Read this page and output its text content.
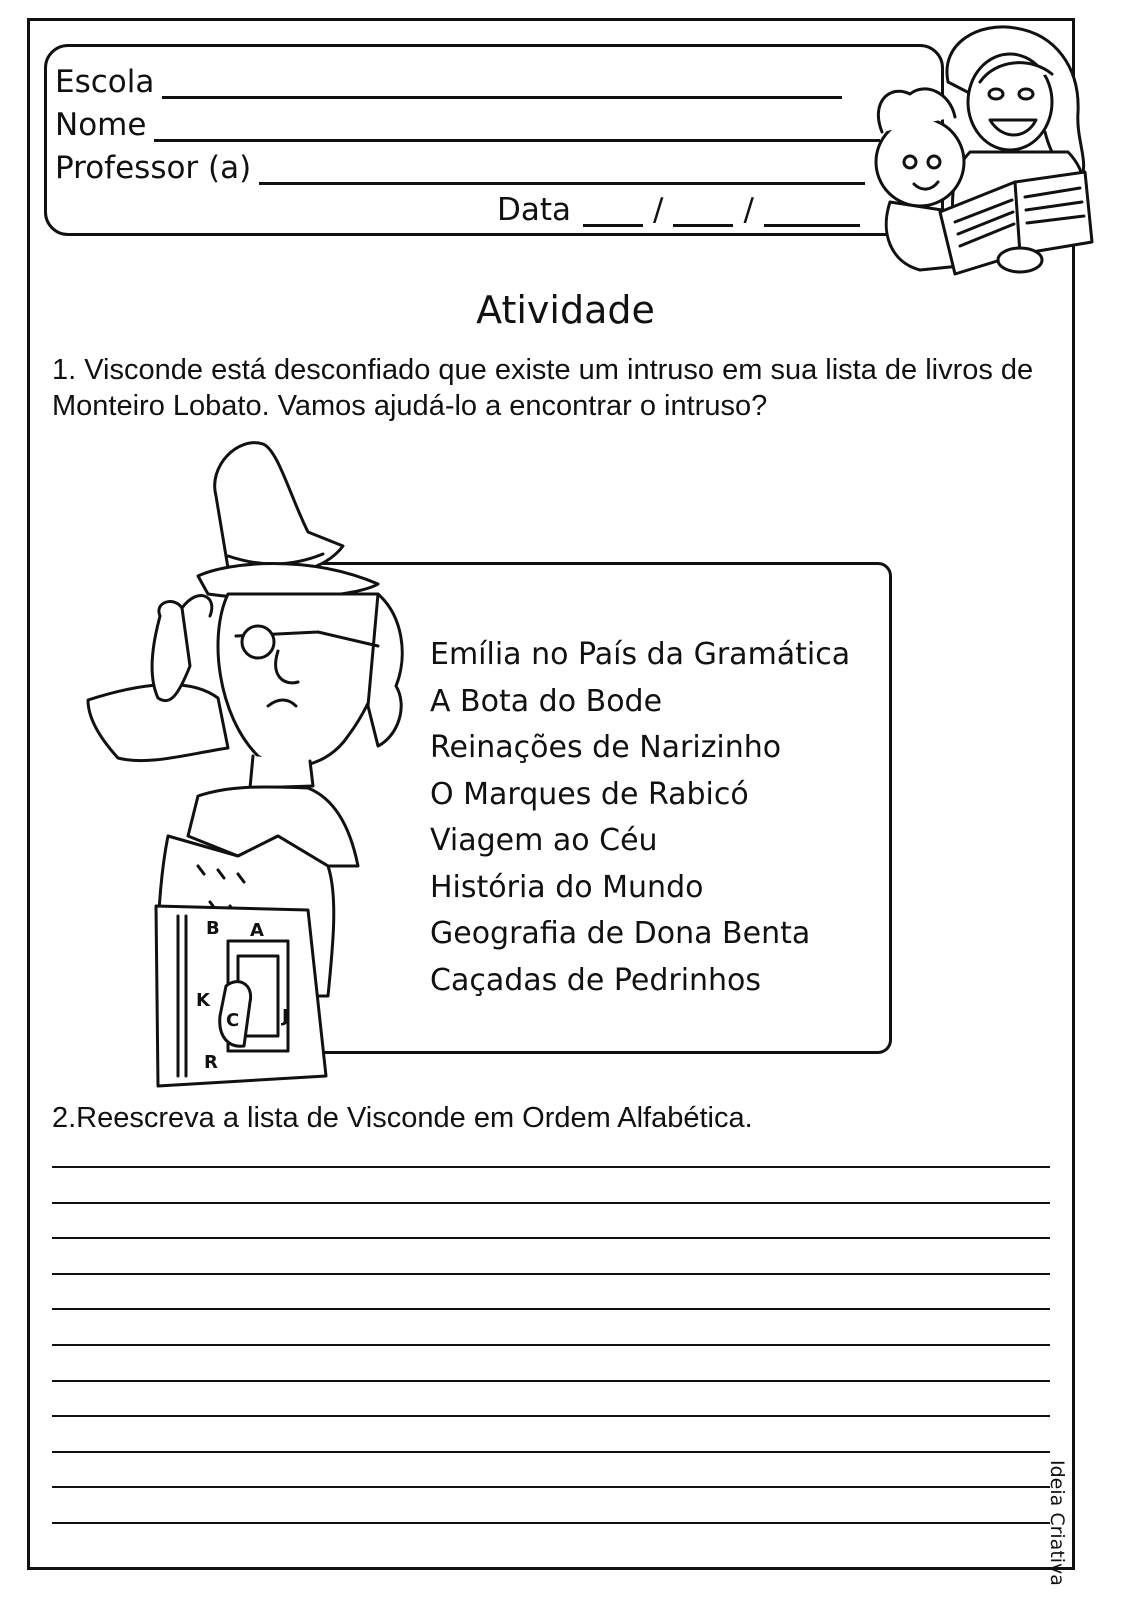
Escola
Nome
Professor (a)
Data	/	/
Atividade
1. Visconde está desconfiado que existe um intruso em sua lista de livros de Monteiro Lobato. Vamos ajudá-lo a encontrar o intruso?
B A
K
C J
R
Emília no País da Gramática
A Bota do Bode
Reinações de Narizinho
O Marques de Rabicó
Viagem ao Céu
História do Mundo
Geografia de Dona Benta
Caçadas de Pedrinhos
2.Reescreva a lista de Visconde em Ordem Alfabética.
Ideia Criativa
